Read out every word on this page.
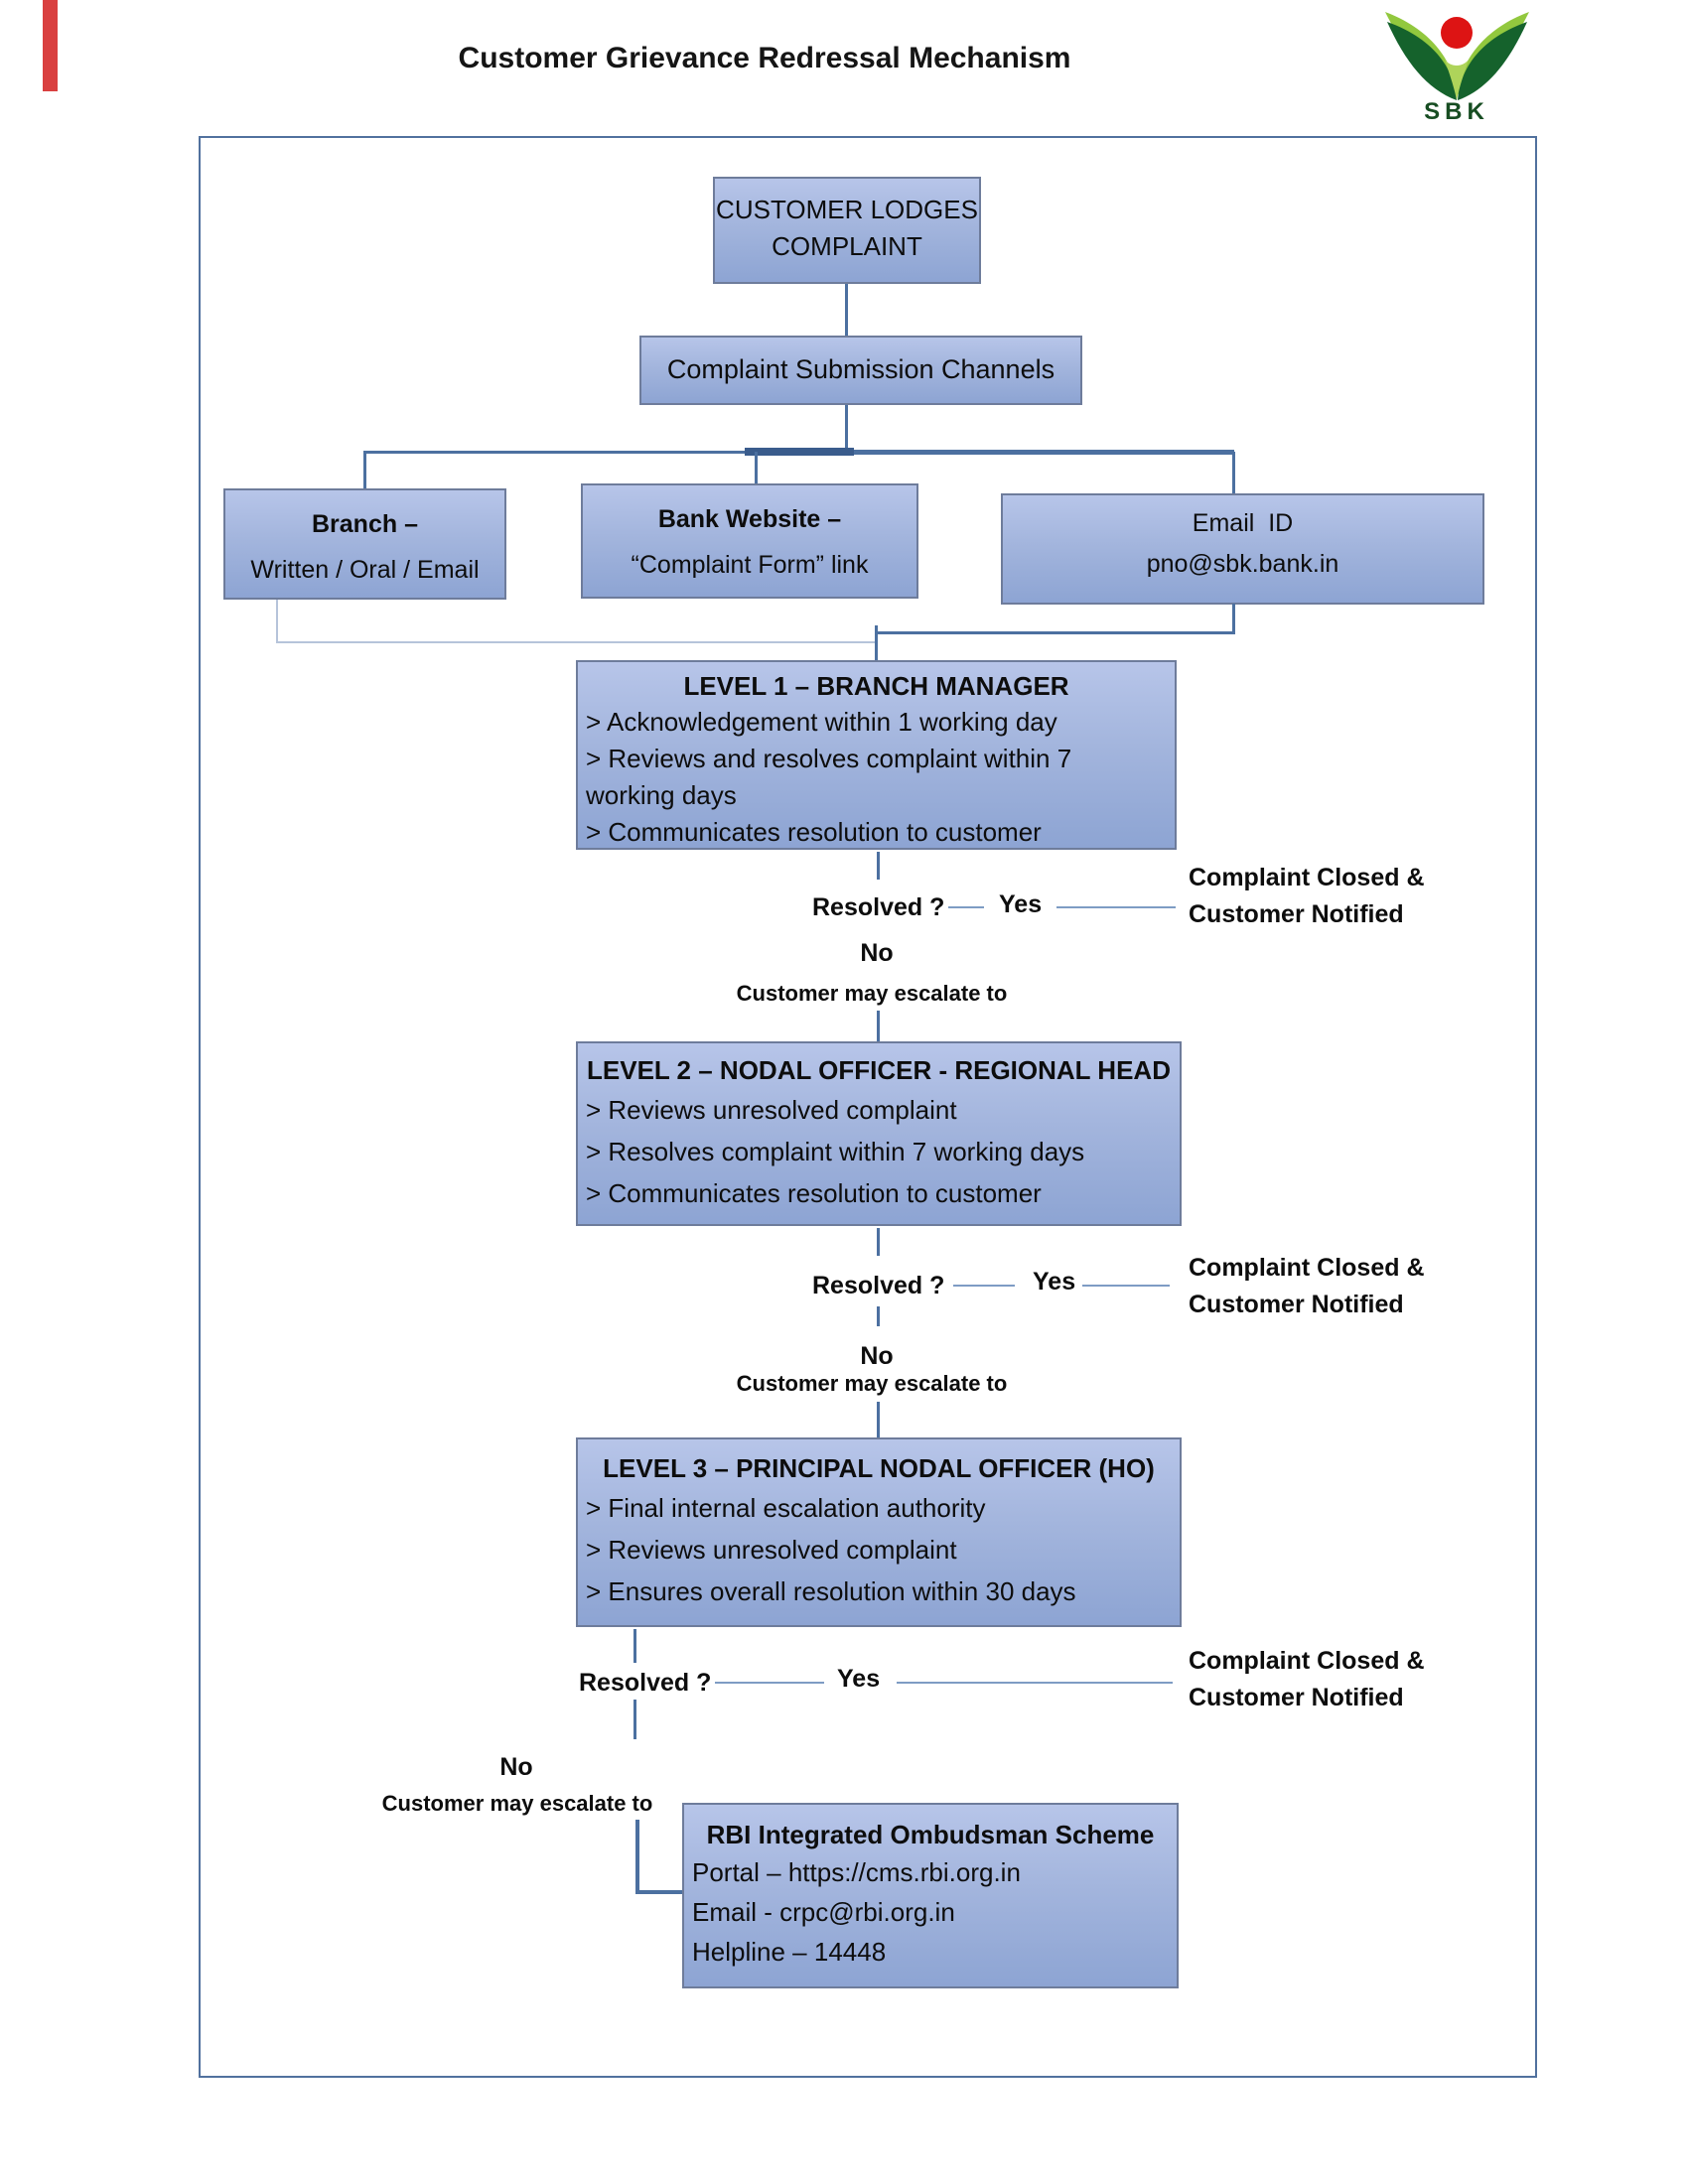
Customer Grievance Redressal Mechanism
SBK
CUSTOMER LODGES
COMPLAINT
Complaint Submission Channels
Branch –
Written / Oral / Email
Bank Website –
“Complaint Form” link
Email  ID
pno@sbk.bank.in
LEVEL 1 – BRANCH MANAGER
> Acknowledgement within 1 working day
> Reviews and resolves complaint within 7 working days
> Communicates resolution to customer
Resolved ? Yes
Complaint Closed &
Customer Notified
No
Customer may escalate to
LEVEL 2 – NODAL OFFICER - REGIONAL HEAD
> Reviews unresolved complaint
> Resolves complaint within 7 working days
> Communicates resolution to customer
Resolved ?	Yes	Complaint Closed &
Customer Notified
No
Customer may escalate to
LEVEL 3 – PRINCIPAL NODAL OFFICER (HO)
> Final internal escalation authority
> Reviews unresolved complaint
> Ensures overall resolution within 30 days
Resolved ?	Yes
Complaint Closed &
Customer Notified
No
Customer may escalate to
RBI Integrated Ombudsman Scheme
Portal – https://cms.rbi.org.in
Email - crpc@rbi.org.in
Helpline – 14448
